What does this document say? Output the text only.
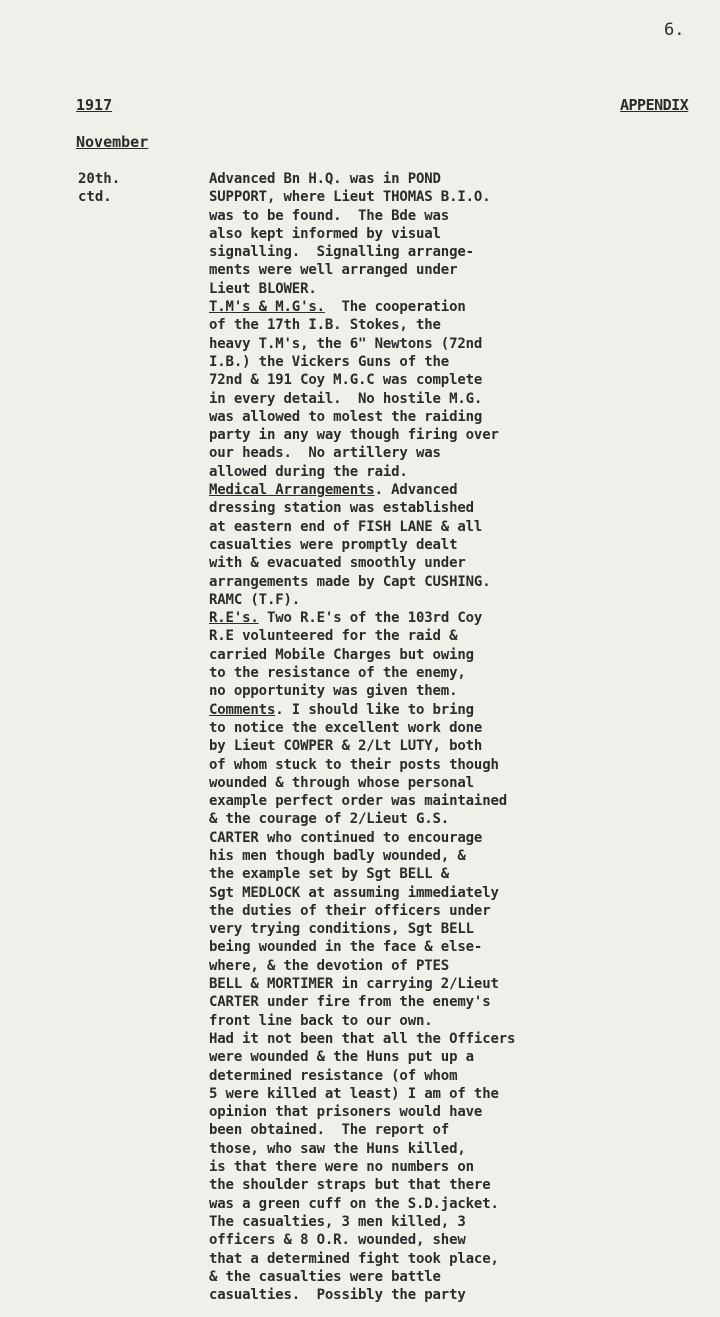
6.
1917	APPENDIX
November
20th.
ctd.
Advanced Bn H.Q. was in POND
SUPPORT, where Lieut THOMAS B.I.O.
was to be found.  The Bde was
also kept informed by visual
signalling.  Signalling arrange-
ments were well arranged under
Lieut BLOWER.
T.M's & M.G's.  The cooperation
of the 17th I.B. Stokes, the
heavy T.M's, the 6" Newtons (72nd
I.B.) the Vickers Guns of the
72nd & 191 Coy M.G.C was complete
in every detail.  No hostile M.G.
was allowed to molest the raiding
party in any way though firing over
our heads.  No artillery was
allowed during the raid.
Medical Arrangements. Advanced
dressing station was established
at eastern end of FISH LANE & all
casualties were promptly dealt
with & evacuated smoothly under
arrangements made by Capt CUSHING.
RAMC (T.F).
R.E's. Two R.E's of the 103rd Coy
R.E volunteered for the raid &
carried Mobile Charges but owing
to the resistance of the enemy,
no opportunity was given them.
Comments. I should like to bring
to notice the excellent work done
by Lieut COWPER & 2/Lt LUTY, both
of whom stuck to their posts though
wounded & through whose personal
example perfect order was maintained
& the courage of 2/Lieut G.S.
CARTER who continued to encourage
his men though badly wounded, &
the example set by Sgt BELL &
Sgt MEDLOCK at assuming immediately
the duties of their officers under
very trying conditions, Sgt BELL
being wounded in the face & else-
where, & the devotion of PTES
BELL & MORTIMER in carrying 2/Lieut
CARTER under fire from the enemy's
front line back to our own.
Had it not been that all the Officers
were wounded & the Huns put up a
determined resistance (of whom
5 were killed at least) I am of the
opinion that prisoners would have
been obtained.  The report of
those, who saw the Huns killed,
is that there were no numbers on
the shoulder straps but that there
was a green cuff on the S.D.jacket.
The casualties, 3 men killed, 3
officers & 8 O.R. wounded, shew
that a determined fight took place,
& the casualties were battle
casualties.  Possibly the party
